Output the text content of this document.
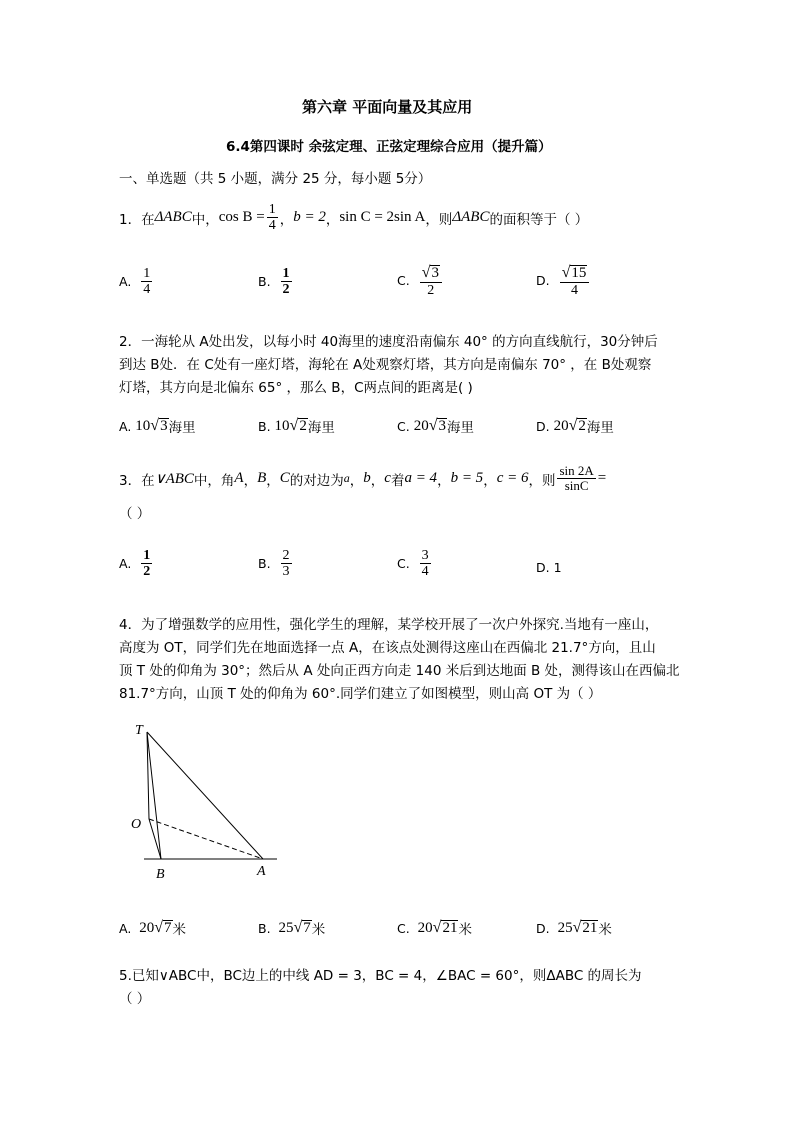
第六章 平面向量及其应用
6.4第四课时 余弦定理、正弦定理综合应用（提升篇）
一、单选题（共 5 小题，满分 25 分，每小题 5分）
1．在 ΔABC 中， $\cos B = \frac{1}{4}$ ， b = 2 ， sin C = 2sin A ，则 ΔABC 的面积等于（ ）
A.
$\frac{1}{4}$	B.
$\frac{1}{2}$	C.
$\frac{√ 3}{2}$	D.
$\frac{√ 15}{4}$
2．一海轮从 A处出发，以每小时 40海里的速度沿南偏东 40° 的方向直线航行，30分钟后
到达 B处．在 C处有一座灯塔，海轮在 A处观察灯塔，其方向是南偏东 70° ，在 B处观察
灯塔，其方向是北偏东 65° ，那么 B，C两点间的距离是( )
A.
10 √ 3 海里	B.
10 √ 2 海里	C.
20 √ 3 海里	D.
20 √ 2 海里
3．在 ∨ABC 中，角 A ， B ， C 的对边为 a ， b ， c 着 a = 4 ， b = 5 ， c = 6 ，则 $\frac{\sin 2A}{\sin C}$ =
（ ）
A.
$\frac{1}{2}$	B.
$\frac{2}{3}$	C.
$\frac{3}{4}$	D. 1
4．为了增强数学的应用性，强化学生的理解，某学校开展了一次户外探究.当地有一座山，
高度为 OT，同学们先在地面选择一点 A，在该点处测得这座山在西偏北 21.7°方向，且山
顶 T 处的仰角为 30°；然后从 A 处向正西方向走 140 米后到达地面 B 处，测得该山在西偏北
81.7°方向，山顶 T 处的仰角为 60°.同学们建立了如图模型，则山高 OT 为（ ）
T
O
B	A
A.
20 √ 7 米	B.
25 √ 7 米	C.
20 √ 21 米	D.
25 √ 21 米
5.已知∨ABC中，BC边上的中线 AD = 3，BC = 4，∠BAC = 60°，则ΔABC 的周长为
（ ）
